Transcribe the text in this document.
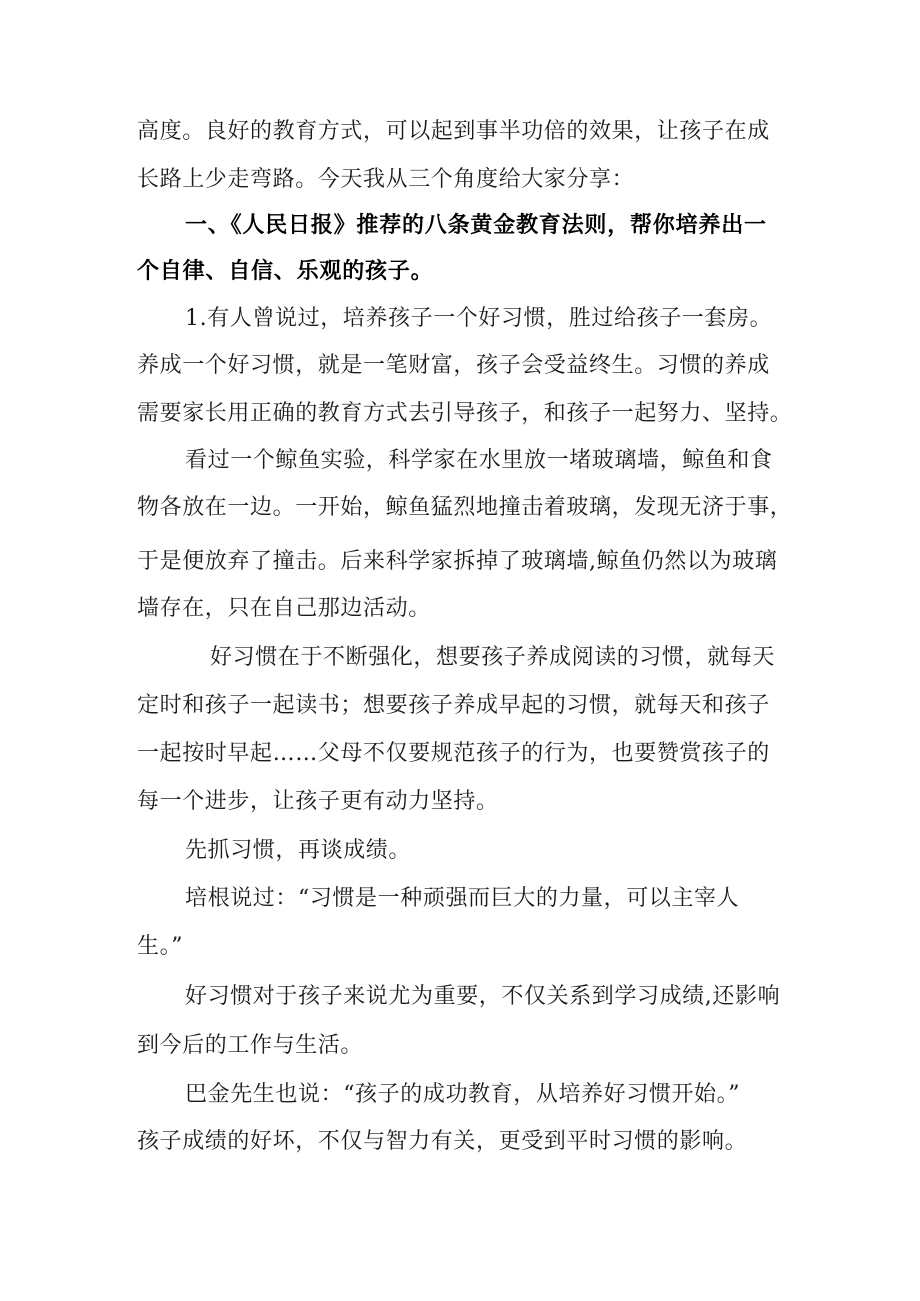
高度。良好的教育方式，可以起到事半功倍的效果，让孩子在成
长路上少走弯路。今天我从三个角度给大家分享：
一、《人民日报》推荐的八条黄金教育法则，帮你培养出一
个自律、自信、乐观的孩子。
1.有人曾说过，培养孩子一个好习惯，胜过给孩子一套房。
养成一个好习惯，就是一笔财富，孩子会受益终生。习惯的养成
需要家长用正确的教育方式去引导孩子，和孩子一起努力、坚持。
看过一个鲸鱼实验，科学家在水里放一堵玻璃墙，鲸鱼和食
物各放在一边。一开始，鲸鱼猛烈地撞击着玻璃，发现无济于事，
于是便放弃了撞击。后来科学家拆掉了玻璃墙,鲸鱼仍然以为玻璃
墙存在，只在自己那边活动。
好习惯在于不断强化，想要孩子养成阅读的习惯，就每天
定时和孩子一起读书；想要孩子养成早起的习惯，就每天和孩子
一起按时早起……父母不仅要规范孩子的行为，也要赞赏孩子的
每一个进步，让孩子更有动力坚持。
先抓习惯，再谈成绩。
培根说过：“习惯是一种顽强而巨大的力量，可以主宰人
生。”
好习惯对于孩子来说尤为重要，不仅关系到学习成绩,还影响
到今后的工作与生活。
巴金先生也说：“孩子的成功教育，从培养好习惯开始。”
孩子成绩的好坏，不仅与智力有关，更受到平时习惯的影响。
